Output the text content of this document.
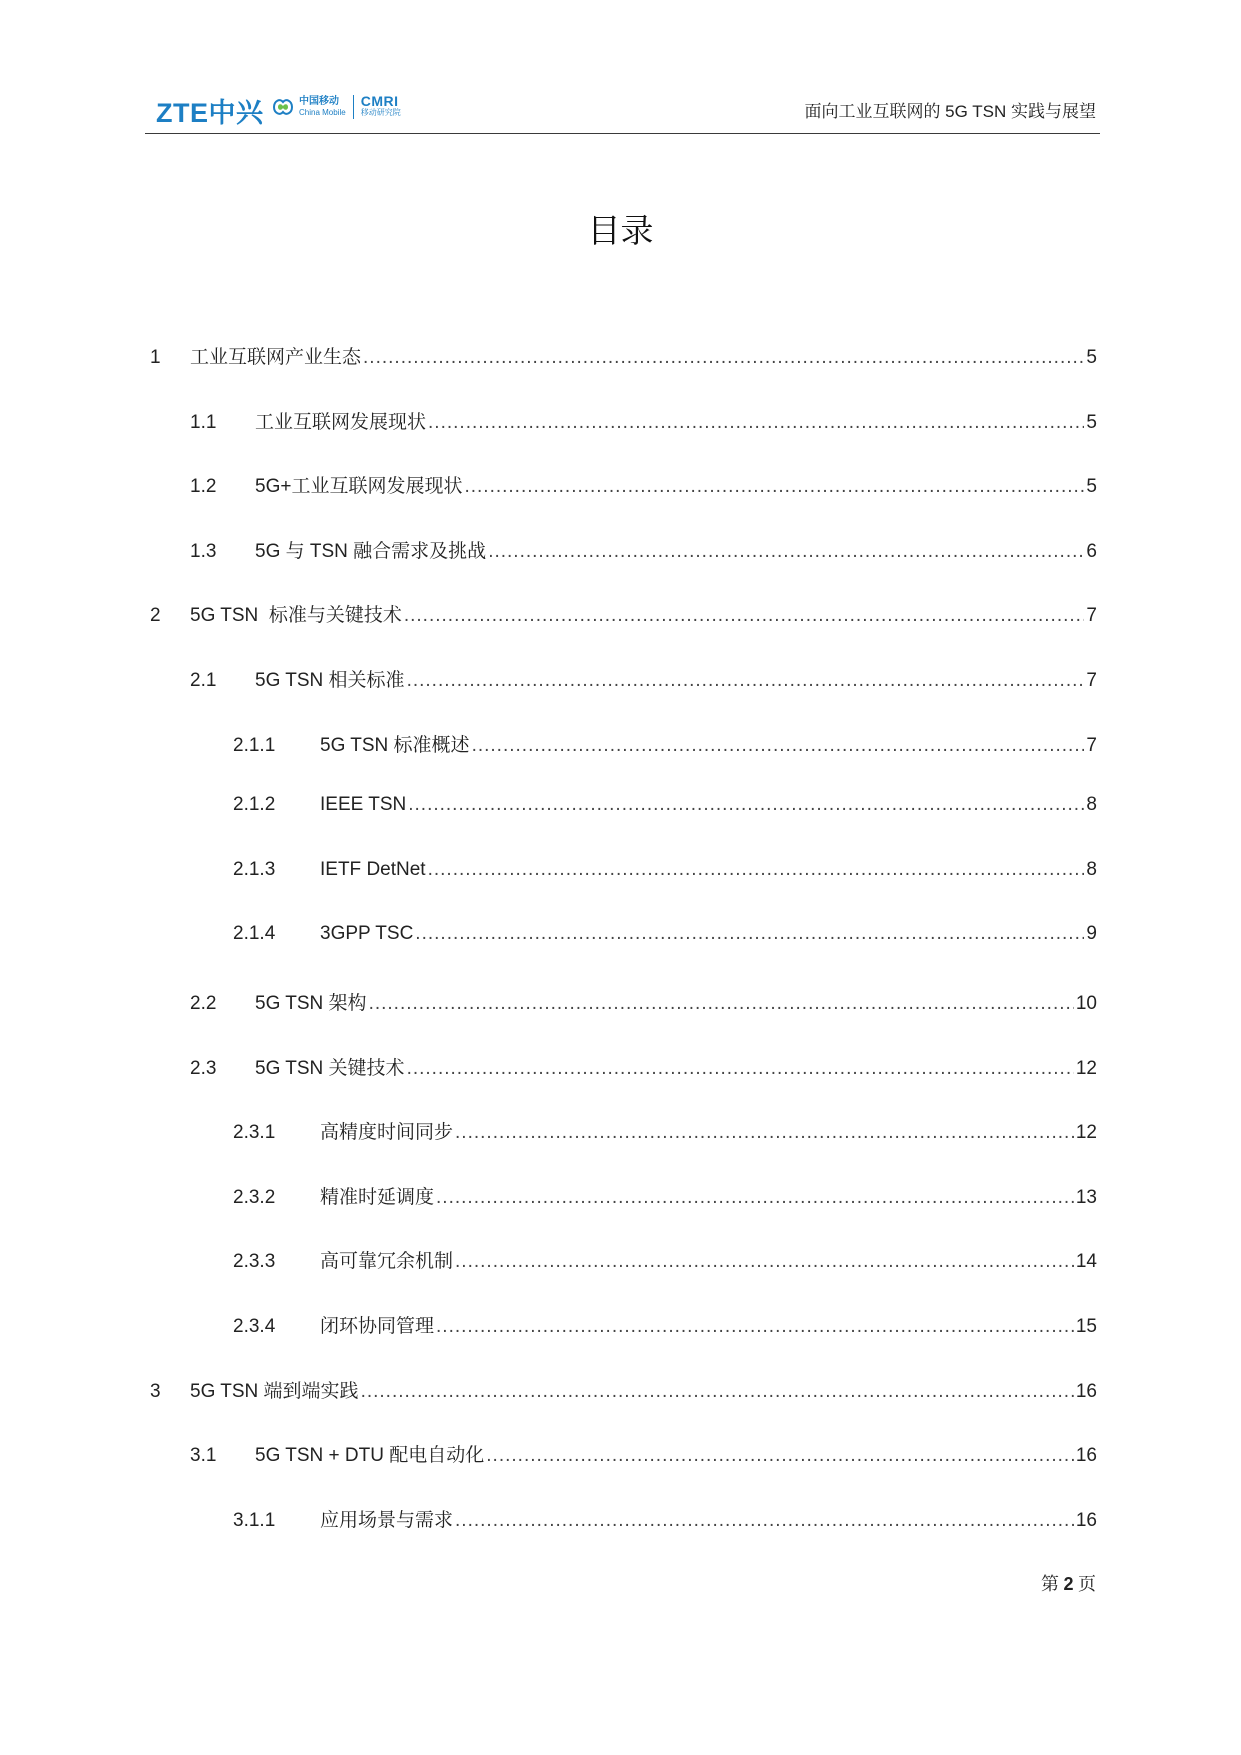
ZTE中兴	中国移动
China Mobile
CMRI
移动研究院	面向工业互联网的 5G TSN 实践与展望
目录
1	工业互联网产业生态 .....	5
1.1	工业互联网发展现状 .....	5
1.2	5G+工业互联网发展现状 .....	5
1.3	5G 与 TSN 融合需求及挑战 .....	6
2	5G TSN  标准与关键技术 .....	7
2.1	5G TSN 相关标准 .....	7
2.1.1	5G TSN 标准概述 .....	7
2.1.2	IEEE TSN .....	8
2.1.3	IETF DetNet .....	8
2.1.4	3GPP TSC .....	9
2.2	5G TSN 架构 .....	10
2.3	5G TSN 关键技术 .....	12
2.3.1	高精度时间同步 .....	12
2.3.2	精准时延调度 .....	13
2.3.3	高可靠冗余机制 .....	14
2.3.4	闭环协同管理 .....	15
3	5G TSN 端到端实践 .....	16
3.1	5G TSN + DTU 配电自动化 .....	16
3.1.1	应用场景与需求 .....	16
第 2 页
